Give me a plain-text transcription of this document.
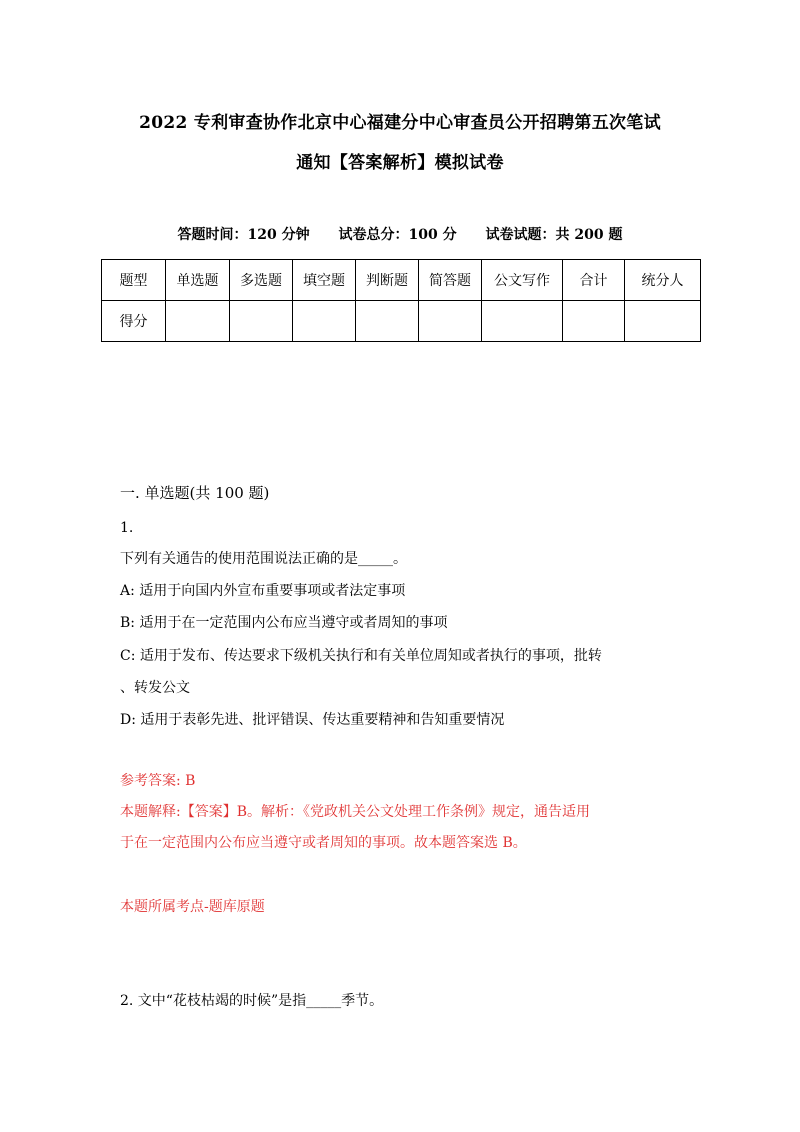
2022 专利审查协作北京中心福建分中心审查员公开招聘第五次笔试
通知【答案解析】模拟试卷
答题时间：120 分钟 试卷总分：100 分 试卷试题：共 200 题
题型	单选题	多选题	填空题	判断题	简答题	公文写作	合计	统分人
得分								
一. 单选题(共 100 题)
1.
下列有关通告的使用范围说法正确的是_____。
A: 适用于向国内外宣布重要事项或者法定事项
B: 适用于在一定范围内公布应当遵守或者周知的事项
C: 适用于发布、传达要求下级机关执行和有关单位周知或者执行的事项，批转
、转发公文
D: 适用于表彰先进、批评错误、传达重要精神和告知重要情况
参考答案: B
本题解释:【答案】B。解析：《党政机关公文处理工作条例》规定，通告适用
于在一定范围内公布应当遵守或者周知的事项。故本题答案选 B。
本题所属考点-题库原题
2. 文中“花枝枯竭的时候”是指_____季节。
